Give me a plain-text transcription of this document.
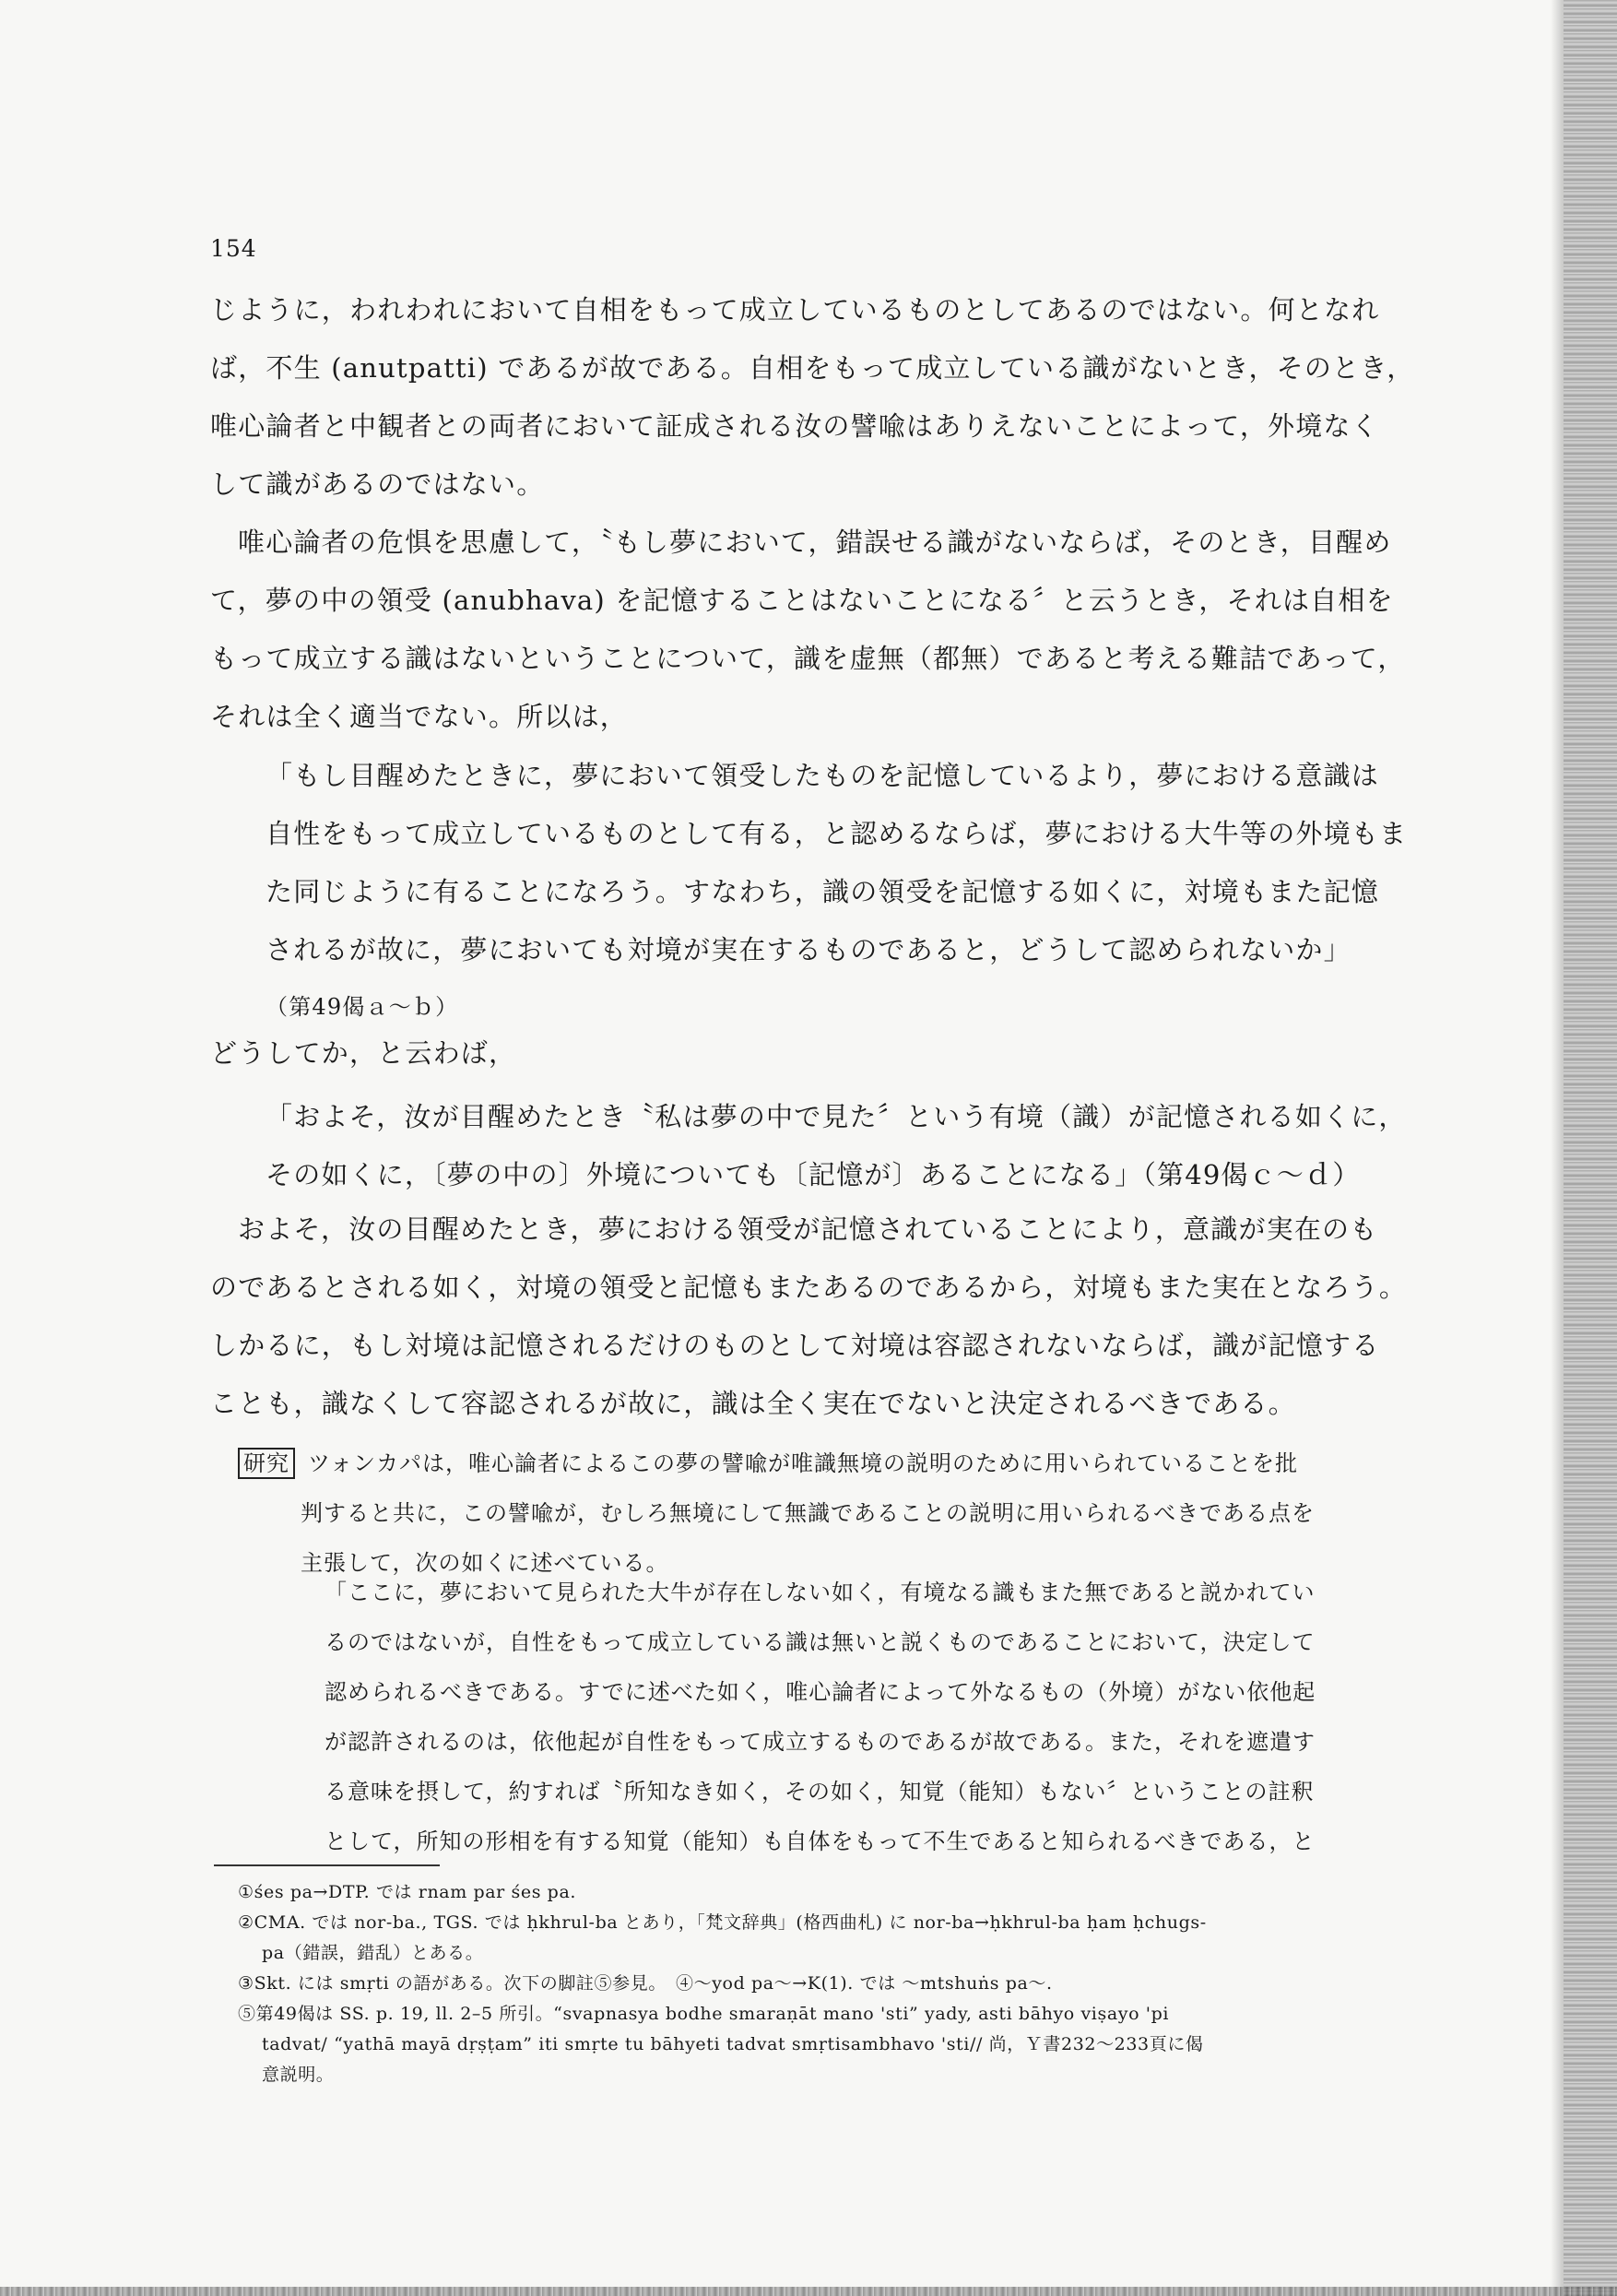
154
じように，われわれにおいて自相をもって成立しているものとしてあるのではない。何となれ
ば，不生 (anutpatti) であるが故である。自相をもって成立している識がないとき，そのとき，
唯心論者と中観者との両者において証成される汝の譬喩はありえないことによって，外境なく
して識があるのではない。
唯心論者の危惧を思慮して，〝もし夢において，錯誤せる識がないならば，そのとき，目醒め
て，夢の中の領受 (anubhava) を記憶することはないことになる〞と云うとき，それは自相を
もって成立する識はないということについて，識を虚無（都無）であると考える難詰であって，
それは全く適当でない。所以は，
「もし目醒めたときに，夢において領受したものを記憶しているより，夢における意識は
自性をもって成立しているものとして有る，と認めるならば，夢における大牛等の外境もま
た同じように有ることになろう。すなわち，識の領受を記憶する如くに，対境もまた記憶
されるが故に，夢においても対境が実在するものであると，どうして認められないか」
（第49偈ａ～ｂ）
どうしてか，と云わば，
「およそ，汝が目醒めたとき〝私は夢の中で見た〞という有境（識）が記憶される如くに，
その如くに，〔夢の中の〕外境についても〔記憶が〕あることになる」（第49偈ｃ～ｄ）
およそ，汝の目醒めたとき，夢における領受が記憶されていることにより，意識が実在のも
のであるとされる如く，対境の領受と記憶もまたあるのであるから，対境もまた実在となろう。
しかるに，もし対境は記憶されるだけのものとして対境は容認されないならば，識が記憶する
ことも，識なくして容認されるが故に，識は全く実在でないと決定されるべきである。
研究 ツォンカパは，唯心論者によるこの夢の譬喩が唯識無境の説明のために用いられていることを批
判すると共に，この譬喩が，むしろ無境にして無識であることの説明に用いられるべきである点を
主張して，次の如くに述べている。
「ここに，夢において見られた大牛が存在しない如く，有境なる識もまた無であると説かれてい
るのではないが，自性をもって成立している識は無いと説くものであることにおいて，決定して
認められるべきである。すでに述べた如く，唯心論者によって外なるもの（外境）がない依他起
が認許されるのは，依他起が自性をもって成立するものであるが故である。また，それを遮遣す
る意味を摂して，約すれば〝所知なき如く，その如く，知覚（能知）もない〞ということの註釈
として，所知の形相を有する知覚（能知）も自体をもって不生であると知られるべきである，と
①śes pa→DTP. では rnam par śes pa.
②CMA. では nor-ba., TGS. では ḥkhrul-ba とあり，「梵文辞典」(格西曲札) に nor-ba→ḥkhrul-ba ḥam ḥchugs-
pa（錯誤，錯乱）とある。
③Skt. には smṛti の語がある。次下の脚註⑤参見。　④～yod pa～→K(1). では ～mtshuṅs pa～.
⑤第49偈は SS. p. 19, ll. 2–5 所引。“svapnasya bodhe smaraṇāt mano 'sti” yady, asti bāhyo viṣayo 'pi
tadvat/ “yathā mayā dṛṣṭam” iti smṛte tu bāhyeti tadvat smṛtisambhavo 'sti// 尚，Ｙ書232～233頁に偈
意説明。
